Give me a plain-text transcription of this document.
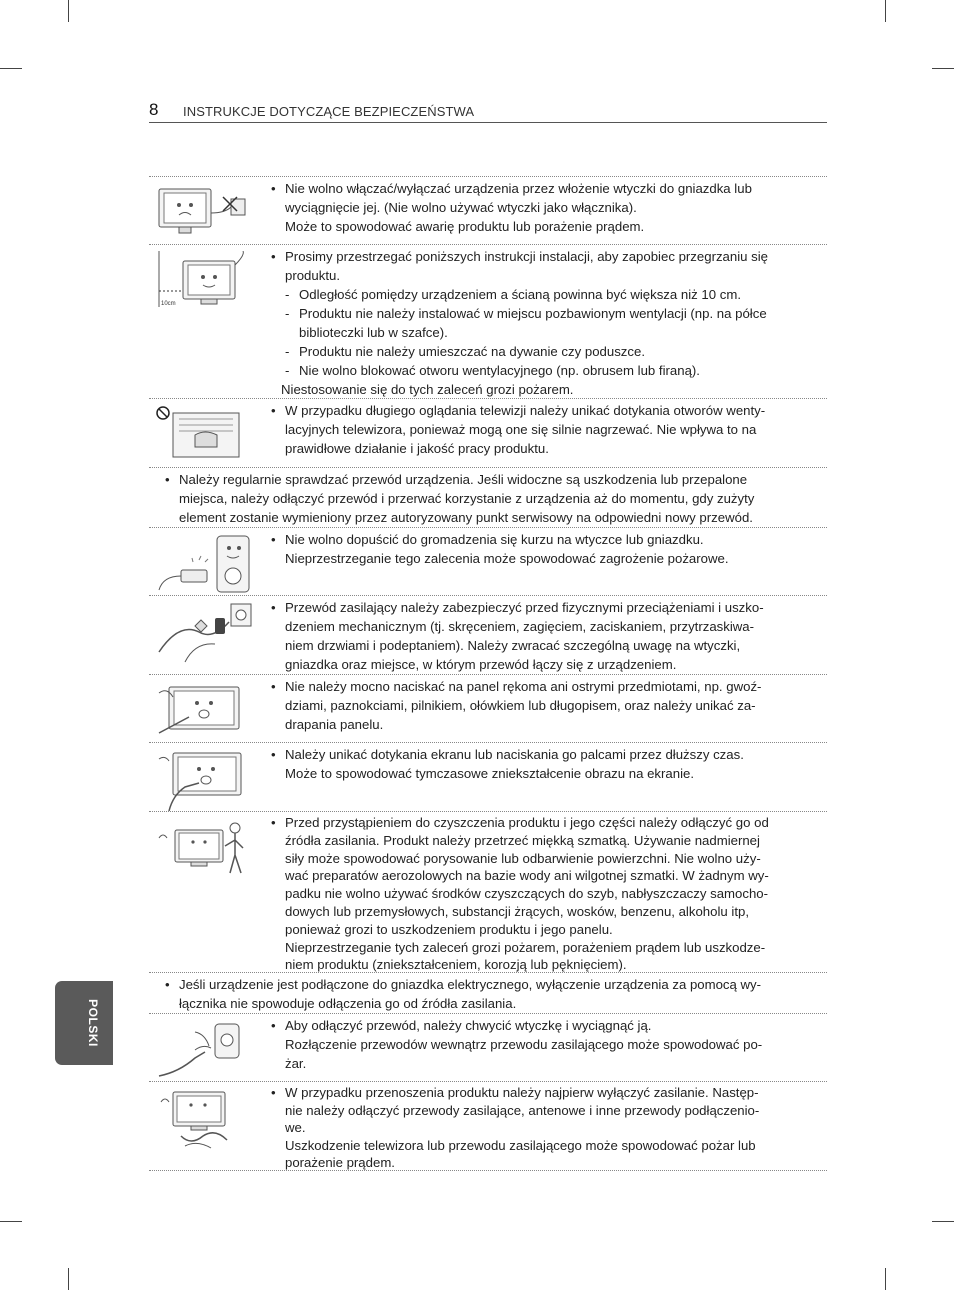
8 INSTRUKCJE DOTYCZĄCE BEZPIECZEŃSTWA
POLSKI
• Nie wolno włączać/wyłączać urządzenia przez włożenie wtyczki do gniazdka lub
wyciągnięcie jej. (Nie wolno używać wtyczki jako włącznika).
Może to spowodować awarię produktu lub porażenie prądem.
10cm
• Prosimy przestrzegać poniższych instrukcji instalacji, aby zapobiec przegrzaniu się
produktu.
- Odległość pomiędzy urządzeniem a ścianą powinna być większa niż 10 cm.
- Produktu nie należy instalować w miejscu pozbawionym wentylacji (np. na półce
biblioteczki lub w szafce).
- Produktu nie należy umieszczać na dywanie czy poduszce.
- Nie wolno blokować otworu wentylacyjnego (np. obrusem lub firaną).
Niestosowanie się do tych zaleceń grozi pożarem.
• W przypadku długiego oglądania telewizji należy unikać dotykania otworów wenty-
lacyjnych telewizora, ponieważ mogą one się silnie nagrzewać. Nie wpływa to na
prawidłowe działanie i jakość pracy produktu.
• Należy regularnie sprawdzać przewód urządzenia. Jeśli widoczne są uszkodzenia lub przepalone
miejsca, należy odłączyć przewód i przerwać korzystanie z urządzenia aż do momentu, gdy zużyty
element zostanie wymieniony przez autoryzowany punkt serwisowy na odpowiedni nowy przewód.
• Nie wolno dopuścić do gromadzenia się kurzu na wtyczce lub gniazdku.
Nieprzestrzeganie tego zalecenia może spowodować zagrożenie pożarowe.
• Przewód zasilający należy zabezpieczyć przed fizycznymi przeciążeniami i uszko-
dzeniem mechanicznym (tj. skręceniem, zagięciem, zaciskaniem, przytrzaskiwa-
niem drzwiami i podeptaniem). Należy zwracać szczególną uwagę na wtyczki,
gniazdka oraz miejsce, w którym przewód łączy się z urządzeniem.
• Nie należy mocno naciskać na panel rękoma ani ostrymi przedmiotami, np. gwoź-
dziami, paznokciami, pilnikiem, ołówkiem lub długopisem, oraz należy unikać za-
drapania panelu.
• Należy unikać dotykania ekranu lub naciskania go palcami przez dłuższy czas.
Może to spowodować tymczasowe zniekształcenie obrazu na ekranie.
• Przed przystąpieniem do czyszczenia produktu i jego części należy odłączyć go od
źródła zasilania. Produkt należy przetrzeć miękką szmatką. Używanie nadmiernej
siły może spowodować porysowanie lub odbarwienie powierzchni. Nie wolno uży-
wać preparatów aerozolowych na bazie wody ani wilgotnej szmatki. W żadnym wy-
padku nie wolno używać środków czyszczących do szyb, nabłyszczaczy samocho-
dowych lub przemysłowych, substancji żrących, wosków, benzenu, alkoholu itp,
ponieważ grozi to uszkodzeniem produktu i jego panelu.
Nieprzestrzeganie tych zaleceń grozi pożarem, porażeniem prądem lub uszkodze-
niem produktu (zniekształceniem, korozją lub pęknięciem).
• Jeśli urządzenie jest podłączone do gniazdka elektrycznego, wyłączenie urządzenia za pomocą wy-
łącznika nie spowoduje odłączenia go od źródła zasilania.
• Aby odłączyć przewód, należy chwycić wtyczkę i wyciągnąć ją.
Rozłączenie przewodów wewnątrz przewodu zasilającego może spowodować po-
żar.
• W przypadku przenoszenia produktu należy najpierw wyłączyć zasilanie. Następ-
nie należy odłączyć przewody zasilające, antenowe i inne przewody podłączenio-
we.
Uszkodzenie telewizora lub przewodu zasilającego może spowodować pożar lub
porażenie prądem.
